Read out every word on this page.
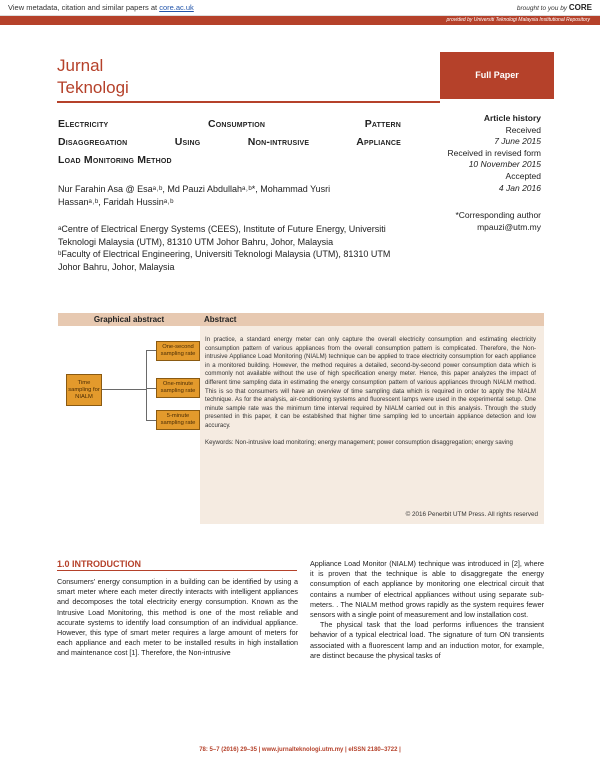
View metadata, citation and similar papers at core.ac.uk	brought to you by CORE
provided by Universiti Teknologi Malaysia Institutional Repository
Jurnal
Teknologi
Full Paper
Electricity Consumption Pattern
Disaggregation Using Non-intrusive Appliance
Load Monitoring Method
Nur Farahin Asa @ Esaᵃ˒ᵇ, Md Pauzi Abdullahᵃ˒ᵇ*, Mohammad Yusri
Hassanᵃ˒ᵇ, Faridah Hussinᵃ˒ᵇ

ᵃCentre of Electrical Energy Systems (CEES), Institute of Future Energy, Universiti Teknologi Malaysia (UTM), 81310 UTM Johor Bahru, Johor, Malaysia

ᵇFaculty of Electrical Engineering, Universiti Teknologi Malaysia (UTM), 81310 UTM Johor Bahru, Johor, Malaysia

Article history
Received
7 June 2015
Received in revised form
10 November 2015
Accepted
4 Jan 2016
*Corresponding author
mpauzi@utm.my
Graphical abstract	Abstract
Time sampling for NIALM
One-second sampling rate
One-minute sampling rate
5-minute sampling rate

In practice, a standard energy meter can only capture the overall electricity consumption and estimating electricity consumption pattern of various appliances from the overall consumption pattern is complicated. Therefore, the Non-intrusive Appliance Load Monitoring (NIALM) technique can be applied to trace electricity consumption for each appliance in a monitored building. However, the method requires a detailed, second-by-second power consumption data which is commonly not available without the use of high specification energy meter. Hence, this paper analyzes the impact of different time sampling data in estimating the energy consumption pattern of various appliances through NIALM method. This is so that consumers will have an overview of time sampling data which is required in order to apply the NIALM technique. As for the analysis, air-conditioning systems and fluorescent lamps were used in the experimental setup. One minute sample rate was the minimum time interval required by NIALM carried out in this analysis. Through the study presented in this paper, it can be established that higher time sampling led to uncertain appliance detection and low accuracy.

Keywords: Non-intrusive load monitoring; energy management; power consumption disaggregation; energy saving

© 2016 Penerbit UTM Press. All rights reserved
1.0 INTRODUCTION
Consumers’ energy consumption in a building can be identified by using a smart meter where each meter directly interacts with intelligent appliances and decomposes the total electricity energy consumption. Known as the Intrusive Load Monitoring, this method is one of the most reliable and accurate systems to identify load consumption of an individual appliance. However, this type of smart meter requires a large amount of meters for each appliance and each meter to be installed results in high installation and maintenance cost [1]. Therefore, the Non-intrusive

Appliance Load Monitor (NIALM) technique was introduced in [2], where it is proven that the technique is able to disaggregate the energy consumption of each appliance by monitoring one electrical circuit that contains a number of electrical appliances without using separate sub-meters. . The NIALM method grows rapidly as the system requires fewer sensors with a single point of measurement and low installation cost.

The physical task that the load performs influences the transient behavior of a typical electrical load. The signature of turn ON transients associated with a fluorescent lamp and an induction motor, for example, are distinct because the physical tasks of

78: 5–7 (2016) 29–35 | www.jurnalteknologi.utm.my | eISSN 2180–3722 |
